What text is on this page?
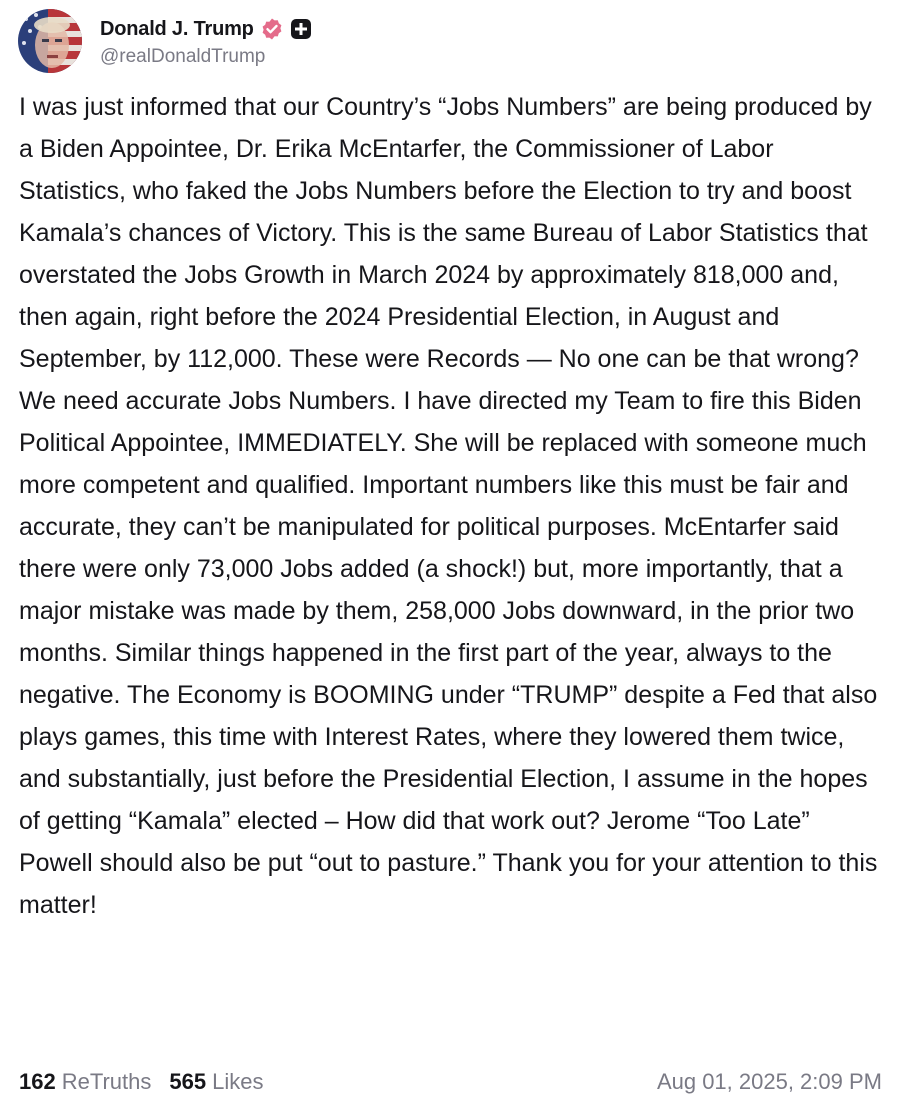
Donald J. Trump
@realDonaldTrump

I was just informed that our Country’s “Jobs Numbers” are being produced by a Biden Appointee, Dr. Erika McEntarfer, the Commissioner of Labor Statistics, who faked the Jobs Numbers before the Election to try and boost Kamala’s chances of Victory. This is the same Bureau of Labor Statistics that overstated the Jobs Growth in March 2024 by approximately 818,000 and, then again, right before the 2024 Presidential Election, in August and September, by 112,000. These were Records — No one can be that wrong? We need accurate Jobs Numbers. I have directed my Team to fire this Biden Political Appointee, IMMEDIATELY. She will be replaced with someone much more competent and qualified. Important numbers like this must be fair and accurate, they can’t be manipulated for political purposes. McEntarfer said there were only 73,000 Jobs added (a shock!) but, more importantly, that a major mistake was made by them, 258,000 Jobs downward, in the prior two months. Similar things happened in the first part of the year, always to the negative. The Economy is BOOMING under “TRUMP” despite a Fed that also plays games, this time with Interest Rates, where they lowered them twice, and substantially, just before the Presidential Election, I assume in the hopes of getting “Kamala” elected – How did that work out? Jerome “Too Late” Powell should also be put “out to pasture.” Thank you for your attention to this matter!

162 ReTruths 565 Likes	Aug 01, 2025, 2:09 PM
